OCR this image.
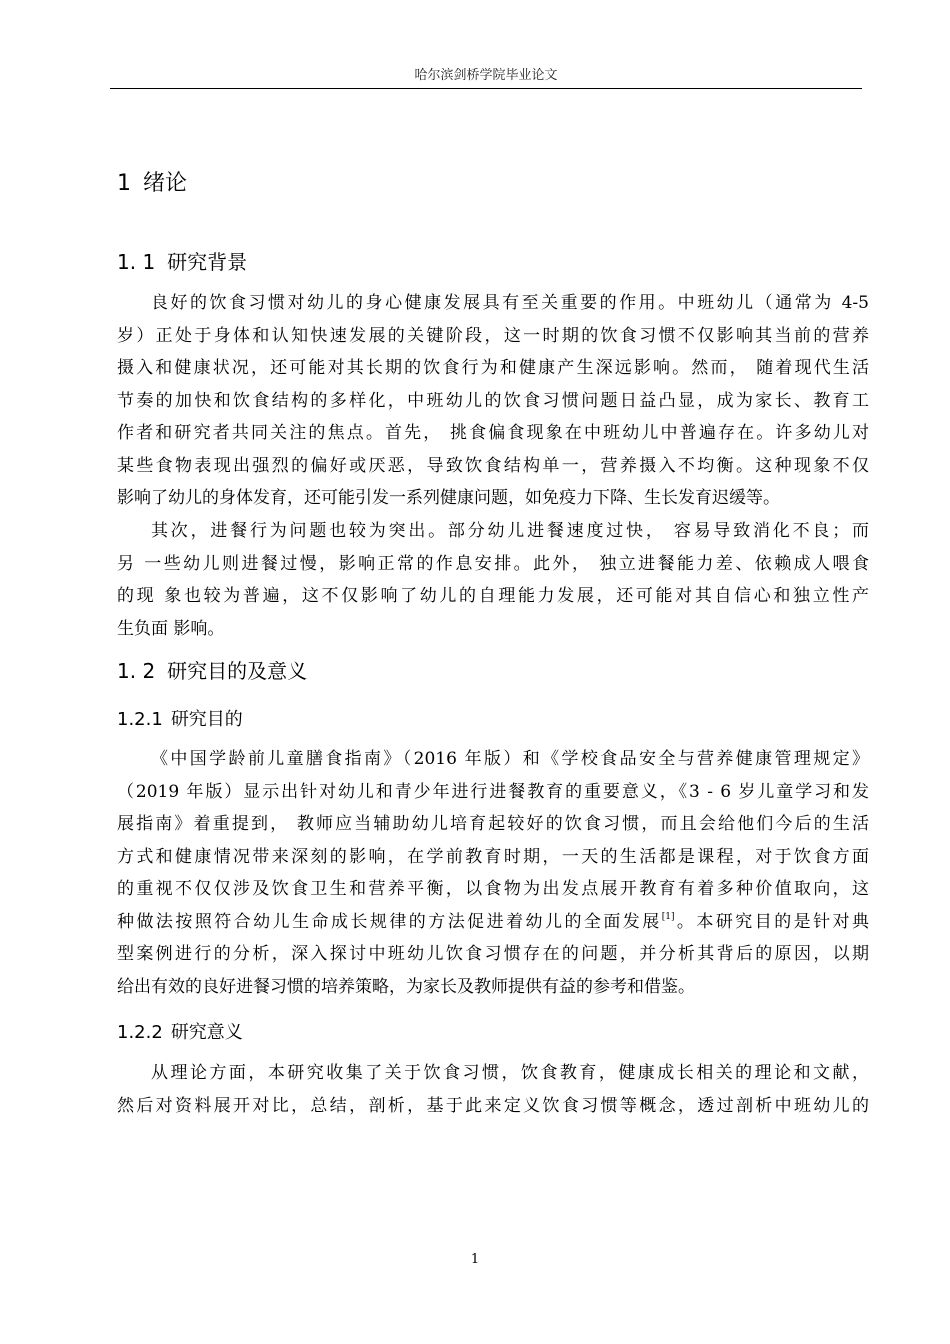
哈尔滨剑桥学院毕业论文
1 绪论
1. 1 研究背景

良好的饮食习惯对幼儿的身心健康发展具有至关重要的作用。中班幼儿（通常为 4-5
岁）正处于身体和认知快速发展的关键阶段，这一时期的饮食习惯不仅影响其当前的营养
摄入和健康状况，还可能对其长期的饮食行为和健康产生深远影响。然而， 随着现代生活
节奏的加快和饮食结构的多样化，中班幼儿的饮食习惯问题日益凸显，成为家长、教育工
作者和研究者共同关注的焦点。首先， 挑食偏食现象在中班幼儿中普遍存在。许多幼儿对
某些食物表现出强烈的偏好或厌恶，导致饮食结构单一，营养摄入不均衡。这种现象不仅
影响了幼儿的身体发育，还可能引发一系列健康问题，如免疫力下降、生长发育迟缓等。

其次，进餐行为问题也较为突出。部分幼儿进餐速度过快， 容易导致消化不良；而
另 一些幼儿则进餐过慢，影响正常的作息安排。此外， 独立进餐能力差、依赖成人喂食
的现 象也较为普遍，这不仅影响了幼儿的自理能力发展，还可能对其自信心和独立性产
生负面 影响。

1. 2 研究目的及意义
1.2.1 研究目的

《中国学龄前儿童膳食指南》（2016 年版）和《学校食品安全与营养健康管理规定》
（2019 年版）显示出针对幼儿和青少年进行进餐教育的重要意义，《3 - 6 岁儿童学习和发
展指南》着重提到， 教师应当辅助幼儿培育起较好的饮食习惯，而且会给他们今后的生活
方式和健康情况带来深刻的影响，在学前教育时期，一天的生活都是课程，对于饮食方面
的重视不仅仅涉及饮食卫生和营养平衡，以食物为出发点展开教育有着多种价值取向，这
种做法按照符合幼儿生命成长规律的方法促进着幼儿的全面发展[1]。本研究目的是针对典
型案例进行的分析，深入探讨中班幼儿饮食习惯存在的问题，并分析其背后的原因，以期
给出有效的良好进餐习惯的培养策略，为家长及教师提供有益的参考和借鉴。

1.2.2 研究意义

从理论方面，本研究收集了关于饮食习惯，饮食教育，健康成长相关的理论和文献，
然后对资料展开对比，总结，剖析，基于此来定义饮食习惯等概念，透过剖析中班幼儿的

1
